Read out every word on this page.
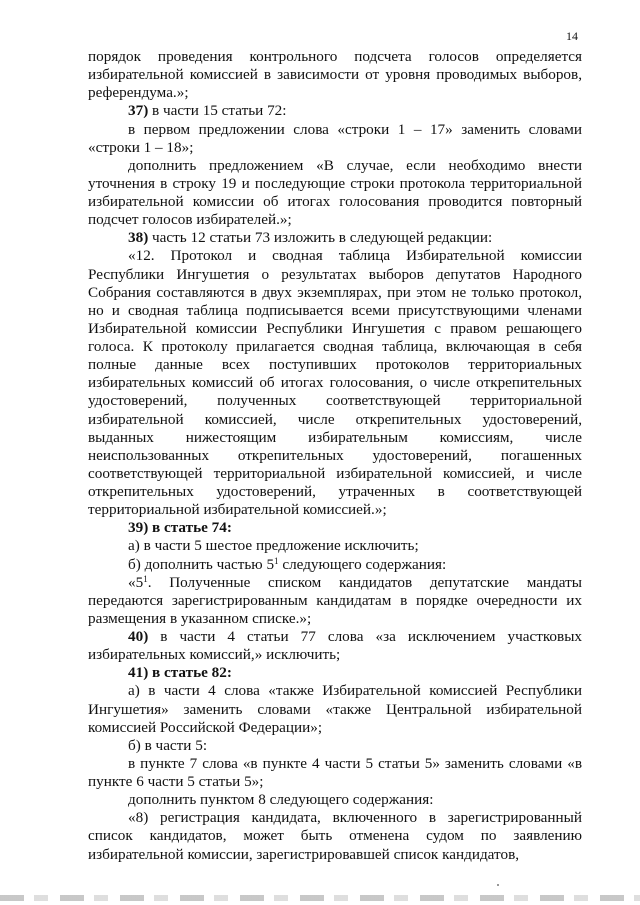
14

порядок проведения контрольного подсчета голосов определяется избирательной комиссией в зависимости от уровня проводимых выборов, референдума.»;

37) в части 15 статьи 72:

в первом предложении слова «строки 1 – 17» заменить словами «строки 1 – 18»;

дополнить предложением «В случае, если необходимо внести уточнения в строку 19 и последующие строки протокола территориальной избирательной комиссии об итогах голосования проводится повторный подсчет голосов избирателей.»;

38) часть 12 статьи 73 изложить в следующей редакции:

«12. Протокол и сводная таблица Избирательной комиссии Республики Ингушетия о результатах выборов депутатов Народного Собрания составляются в двух экземплярах, при этом не только протокол, но и сводная таблица подписывается всеми присутствующими членами Избирательной комиссии Республики Ингушетия с правом решающего голоса. К протоколу прилагается сводная таблица, включающая в себя полные данные всех поступивших протоколов территориальных избирательных комиссий об итогах голосования, о числе открепительных удостоверений, полученных соответствующей территориальной избирательной комиссией, числе открепительных удостоверений, выданных нижестоящим избирательным комиссиям, числе неиспользованных открепительных удостоверений, погашенных соответствующей территориальной избирательной комиссией, и числе открепительных удостоверений, утраченных в соответствующей территориальной избирательной комиссией.»;

39) в статье 74:

а) в части 5 шестое предложение исключить;

б) дополнить частью $5^1$ следующего содержания:

«$5^1$. Полученные списком кандидатов депутатские мандаты передаются зарегистрированным кандидатам в порядке очередности их размещения в указанном списке.»;

40) в части 4 статьи 77 слова «за исключением участковых избирательных комиссий,» исключить;

41) в статье 82:

а) в части 4 слова «также Избирательной комиссией Республики Ингушетия» заменить словами «также Центральной избирательной комиссией Российской Федерации»;

б) в части 5:

в пункте 7 слова «в пункте 4 части 5 статьи 5» заменить словами «в пункте 6 части 5 статьи 5»;

дополнить пунктом 8 следующего содержания:

«8) регистрация кандидата, включенного в зарегистрированный список кандидатов, может быть отменена судом по заявлению избирательной комиссии, зарегистрировавшей список кандидатов,
